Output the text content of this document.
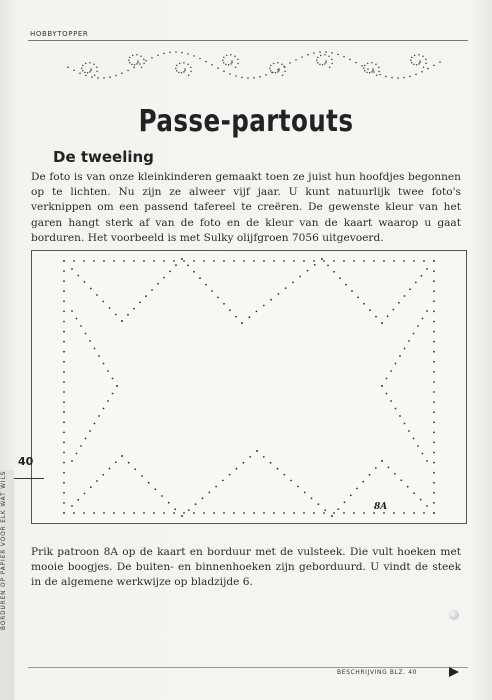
HOBBYTOPPER
Passe-partouts
De tweeling
De foto is van onze kleinkinderen gemaakt toen ze juist hun hoofdjes begonnen op te lichten. Nu zijn ze alweer vijf jaar. U kunt natuurlijk twee foto's verknippen om een passend tafereel te creëren. De gewenste kleur van het garen hangt sterk af van de foto en de kleur van de kaart waarop u gaat borduren. Het voorbeeld is met Sulky olijfgroen 7056 uitgevoerd.
8A
40
BORDUREN OP PAPIER VOOR ELK WAT WILS Prik patroon 8A op de kaart en borduur met de vulsteek. Die vult hoeken met mooie boogjes. De buiten- en binnenhoeken zijn geborduurd. U vindt de steek in de algemene werkwijze op bladzijde 6.
BESCHRIJVING BLZ. 40
